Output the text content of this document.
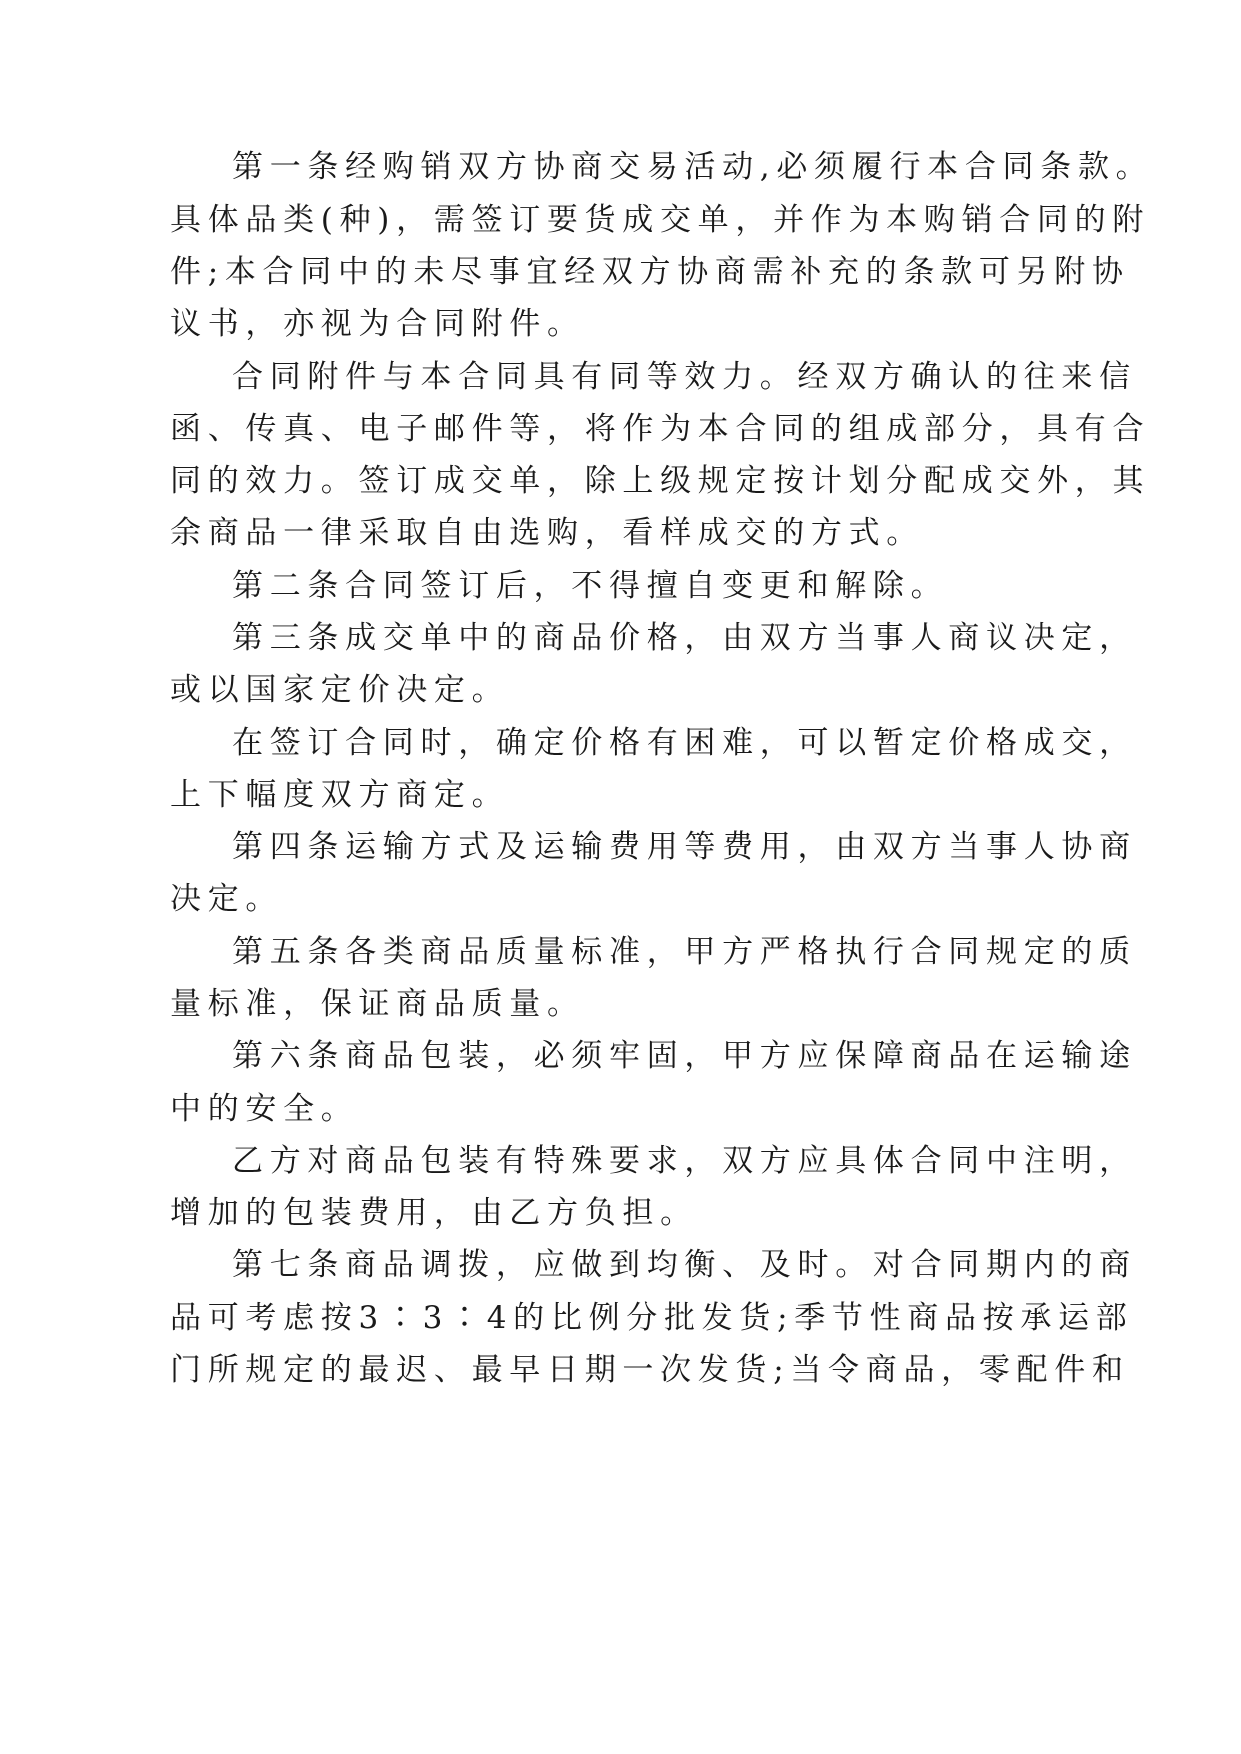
第一条经购销双方协商交易活动,必须履行本合同条款。

具体品类(种)，需签订要货成交单，并作为本购销合同的附

件;本合同中的未尽事宜经双方协商需补充的条款可另附协

议书，亦视为合同附件。

合同附件与本合同具有同等效力。经双方确认的往来信

函、传真、电子邮件等，将作为本合同的组成部分，具有合

同的效力。签订成交单，除上级规定按计划分配成交外，其

余商品一律采取自由选购，看样成交的方式。

第二条合同签订后，不得擅自变更和解除。

第三条成交单中的商品价格，由双方当事人商议决定，

或以国家定价决定。

在签订合同时，确定价格有困难，可以暂定价格成交，

上下幅度双方商定。

第四条运输方式及运输费用等费用，由双方当事人协商

决定。

第五条各类商品质量标准，甲方严格执行合同规定的质

量标准，保证商品质量。

第六条商品包装，必须牢固，甲方应保障商品在运输途

中的安全。

乙方对商品包装有特殊要求，双方应具体合同中注明，

增加的包装费用，由乙方负担。

第七条商品调拨，应做到均衡、及时。对合同期内的商

品可考虑按3∶3∶4的比例分批发货;季节性商品按承运部

门所规定的最迟、最早日期一次发货;当令商品，零配件和
